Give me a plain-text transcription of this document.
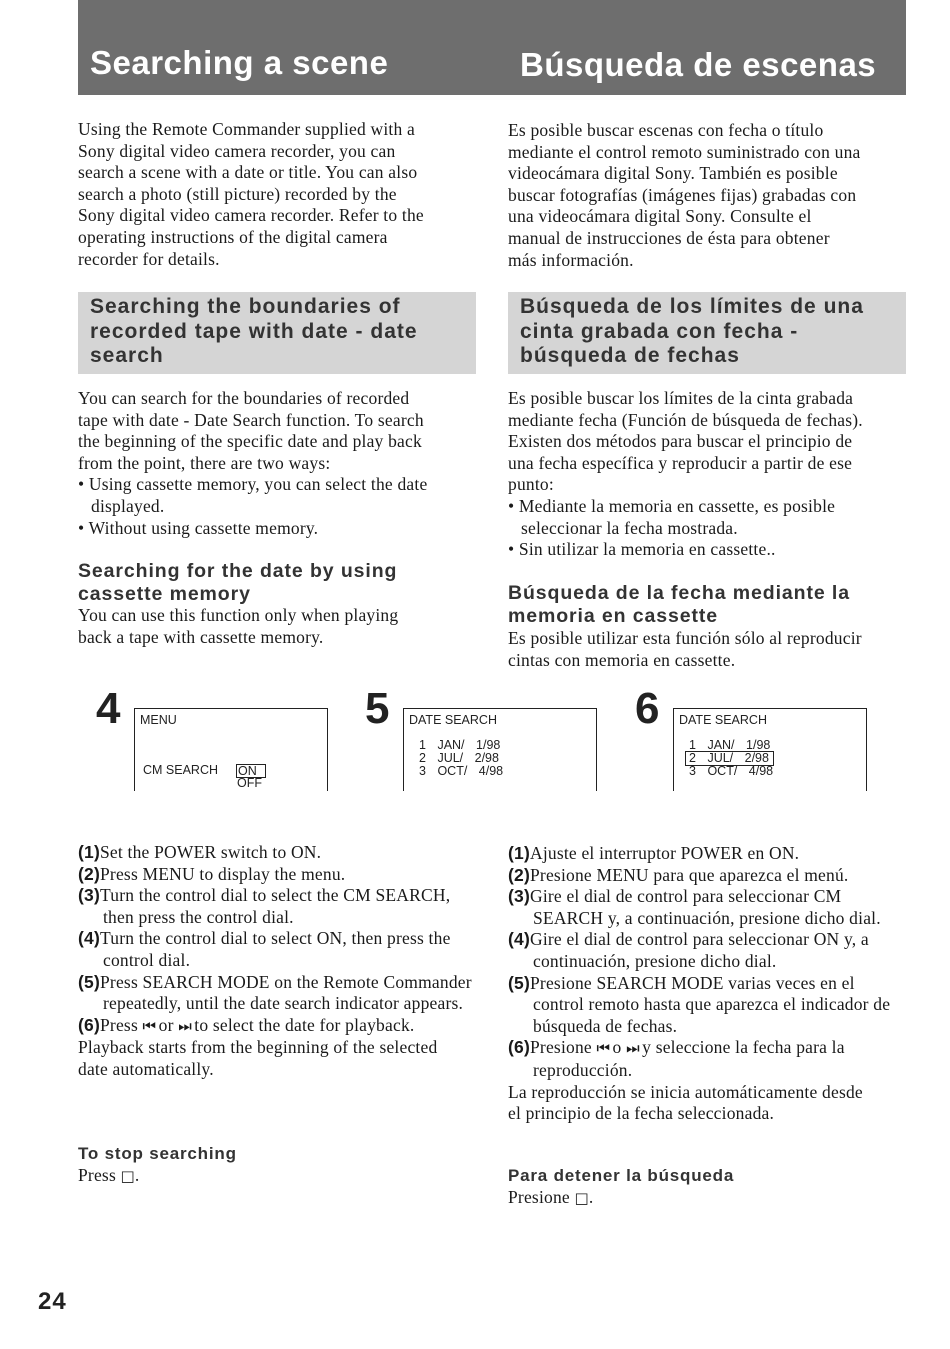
Searching a scene	Búsqueda de escenas

Using the Remote Commander supplied with a

Sony digital video camera recorder, you can

search a scene with a date or title. You can also

search a photo (still picture) recorded by the

Sony digital video camera recorder. Refer to the

operating instructions of the digital camera

recorder for details.

Es posible buscar escenas con fecha o título

mediante el control remoto suministrado con una

videocámara digital Sony. También es posible

buscar fotografías (imágenes fijas) grabadas con

una videocámara digital Sony. Consulte el

manual de instrucciones de ésta para obtener

más información.

Searching the boundaries of
recorded tape with date - date
search
Búsqueda de los límites de una
cinta grabada con fecha -
búsqueda de fechas

You can search for the boundaries of recorded

tape with date - Date Search function. To search

the beginning of the specific date and play back

from the point, there are two ways:

• Using cassette memory, you can select the date displayed.

• Without using cassette memory.

Es posible buscar los límites de la cinta grabada

mediante fecha (Función de búsqueda de fechas).

Existen dos métodos para buscar el principio de

una fecha específica y reproducir a partir de ese

punto:

• Mediante la memoria en cassette, es posible seleccionar la fecha mostrada.

• Sin utilizar la memoria en cassette..

Searching for the date by using
cassette memory

You can use this function only when playing

back a tape with cassette memory.

Búsqueda de la fecha mediante la
memoria en cassette

Es posible utilizar esta función sólo al reproducir

cintas con memoria en cassette.

4 MENU
CM SEARCH ON
OFF
5 DATE SEARCH
1 JAN/ 1/98
2 JUL/ 2/98
3 OCT/ 4/98
6 DATE SEARCH
1 JAN/ 1/98
2 JUL/ 2/98
3 OCT/ 4/98
(1)Set the POWER switch to ON.
(2)Press MENU to display the menu.
(3)Turn the control dial to select the CM SEARCH, then press the control dial.
(4)Turn the control dial to select ON, then press the control dial.
(5)Press SEARCH MODE on the Remote Commander repeatedly, until the date search indicator appears.
(6)Press ⏮ or ⏭ to select the date for playback.
Playback starts from the beginning of the selected
date automatically.
To stop searching
Press □.
(1)Ajuste el interruptor POWER en ON.
(2)Presione MENU para que aparezca el menú.
(3)Gire el dial de control para seleccionar CM SEARCH y, a continuación, presione dicho dial.
(4)Gire el dial de control para seleccionar ON y, a continuación, presione dicho dial.
(5)Presione SEARCH MODE varias veces en el control remoto hasta que aparezca el indicador de búsqueda de fechas.
(6)Presione ⏮ o ⏭ y seleccione la fecha para la reproducción.
La reproducción se inicia automáticamente desde
el principio de la fecha seleccionada.
Para detener la búsqueda
Presione □.
24
